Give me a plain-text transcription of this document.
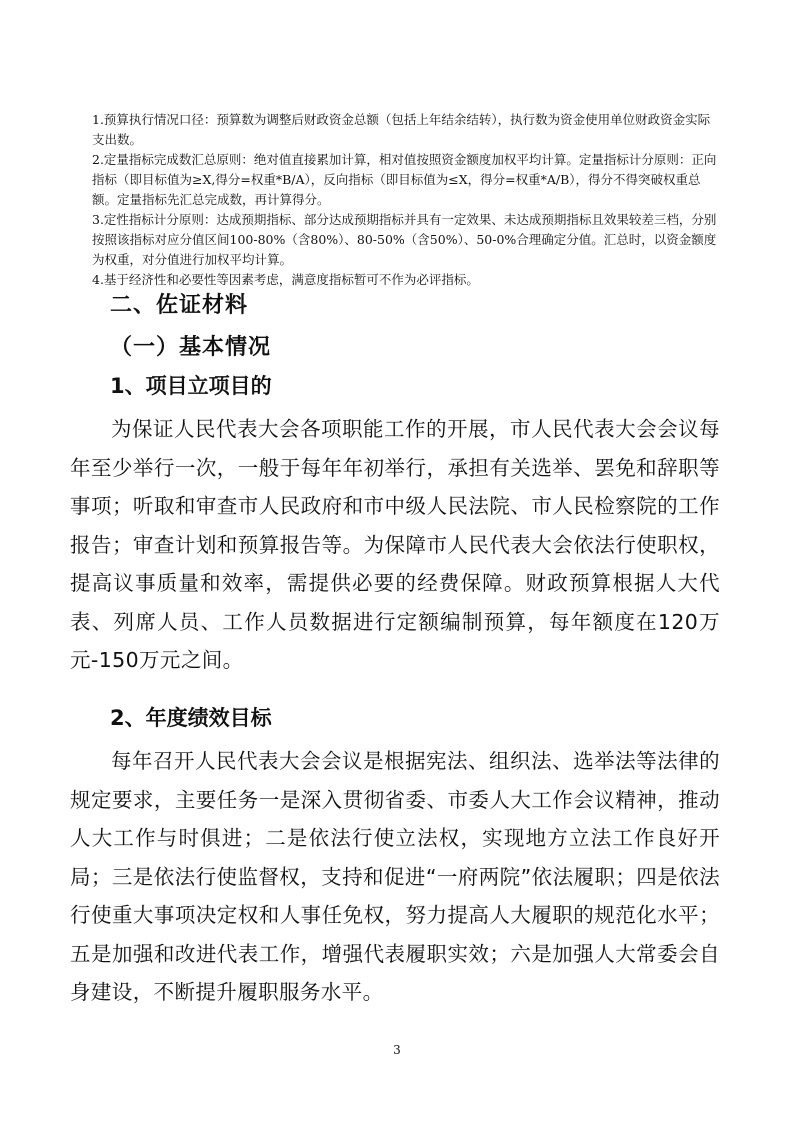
1.预算执行情况口径：预算数为调整后财政资金总额（包括上年结余结转），执行数为资金使用单位财政资金实际支出数。

2.定量指标完成数汇总原则：绝对值直接累加计算，相对值按照资金额度加权平均计算。定量指标计分原则：正向指标（即目标值为≥X,得分=权重*B/A），反向指标（即目标值为≤X，得分=权重*A/B），得分不得突破权重总额。定量指标先汇总完成数，再计算得分。

3.定性指标计分原则：达成预期指标、部分达成预期指标并具有一定效果、未达成预期指标且效果较差三档，分别按照该指标对应分值区间100-80%（含80%）、80-50%（含50%）、50-0%合理确定分值。汇总时，以资金额度为权重，对分值进行加权平均计算。

4.基于经济性和必要性等因素考虑，满意度指标暂可不作为必评指标。

二、佐证材料
（一）基本情况
1、项目立项目的

为保证人民代表大会各项职能工作的开展，市人民代表大会会议每年至少举行一次，一般于每年年初举行，承担有关选举、罢免和辞职等事项；听取和审查市人民政府和市中级人民法院、市人民检察院的工作报告；审查计划和预算报告等。为保障市人民代表大会依法行使职权，提高议事质量和效率，需提供必要的经费保障。财政预算根据人大代表、列席人员、工作人员数据进行定额编制预算，每年额度在120万元-150万元之间。

2、年度绩效目标

每年召开人民代表大会会议是根据宪法、组织法、选举法等法律的规定要求，主要任务一是深入贯彻省委、市委人大工作会议精神，推动人大工作与时俱进；二是依法行使立法权，实现地方立法工作良好开局；三是依法行使监督权，支持和促进“一府两院”依法履职；四是依法行使重大事项决定权和人事任免权，努力提高人大履职的规范化水平；五是加强和改进代表工作，增强代表履职实效；六是加强人大常委会自身建设，不断提升履职服务水平。

3
